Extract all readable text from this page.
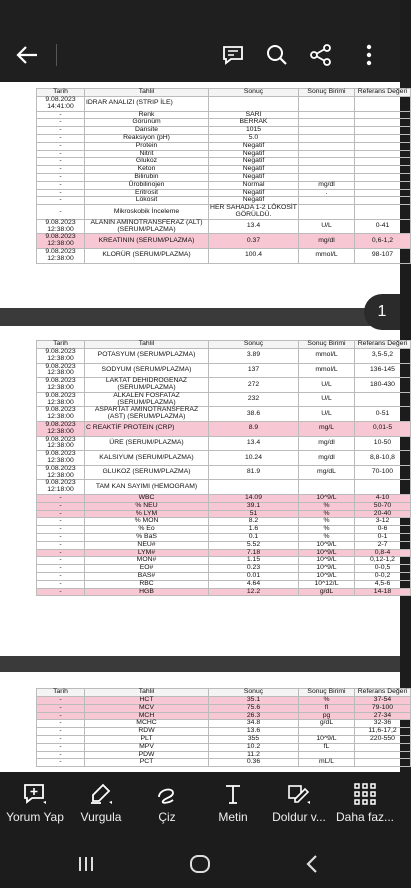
Tarih	Tahlil	Sonuç	Sonuç Birimi	Referans Değeri
9.08.2023 14:41:00	IDRAR ANALIZI (STRIP İLE)			
-	Renk	SARI		
-	Görünüm	BERRAK		
-	Dansite	1015		
-	Reaksiyon (pH)	5.0		
-	Protein	Negatif		
-	Nitrit	Negatif		
-	Glukoz	Negatif		
-	Keton	Negatif		
-	Bilirubin	Negatif		
-	Ürobilinojen	Normal	mg/dl	
-	Eritrosit	Negatif	.	
-	Lökosit	Negatif		
-	Mikroskobik İnceleme	HER SAHADA 1-2 LÖKOSİT GÖRÜLDÜ.		
9.08.2023 12:38:00	ALANIN AMINOTRANSFERAZ (ALT) (SERUM/PLAZMA)	13.4	U/L	0-41
9.08.2023 12:38:00	KREATININ (SERUM/PLAZMA)	0.37	mg/dl	0,6-1,2
9.08.2023 12:38:00	KLORÜR (SERUM/PLAZMA)	100.4	mmol/L	98-107
Tarih	Tahlil	Sonuç	Sonuç Birimi	Referans Değeri
9.08.2023 12:38:00	POTASYUM (SERUM/PLAZMA)	3.89	mmol/L	3,5-5,2
9.08.2023 12:38:00	SODYUM (SERUM/PLAZMA)	137	mmol/L	136-145
9.08.2023 12:38:00	LAKTAT DEHIDROGENAZ (SERUM/PLAZMA)	272	U/L	180-430
9.08.2023 12:38:00	ALKALEN FOSFATAZ (SERUM/PLAZMA)	232	U/L	
9.08.2023 12:38:00	ASPARTAT AMINOTRANSFERAZ (AST) (SERUM/PLAZMA)	38.6	U/L	0-51
9.08.2023 12:38:00	C REAKTİF PROTEIN (CRP)	8.9	mg/L	0,01-5
9.08.2023 12:38:00	ÜRE (SERUM/PLAZMA)	13.4	mg/dl	10-50
9.08.2023 12:38:00	KALSIYUM (SERUM/PLAZMA)	10.24	mg/dl	8,8-10,8
9.08.2023 12:38:00	GLUKOZ (SERUM/PLAZMA)	81.9	mg/dL	70-100
9.08.2023 12:18:00	TAM KAN SAYIMI (HEMOGRAM)			
-	WBC	14.09	10^9/L	4-10
-	% NEU	39.1	%	50-70
-	% LYM	51	%	20-40
-	% MON	8.2	%	3-12
-	% Eo	1.6	%	0-6
-	% BaS	0.1	%	0-1
-	NEU#	5.52	10^9/L	2-7
-	LYM#	7.18	10^9/L	0,8-4
-	MON#	1.15	10^9/L	0,12-1,2
-	EO#	0.23	10^9/L	0-0,5
-	BAS#	0.01	10^9/L	0-0,2
-	RBC	4.64	10^12/L	4,5-6
-	HGB	12.2	g/dL	14-18
Tarih	Tahlil	Sonuç	Sonuç Birimi	Referans Değeri
-	HCT	35.1	%	37-54
-	MCV	75.6	fl	79-100
-	MCH	26.3	pg	27-34
-	MCHC	34.8	g/dL	32-36
-	RDW	13.6		11,6-17,2
-	PLT	355	10^9/L	220-550
-	MPV	10.2	fL	
-	PDW	11.2		
-	PCT	0.36	mL/L	
1
Yorum Yap	Vurgula	Çiz	Metin	Doldur v... Daha faz...
